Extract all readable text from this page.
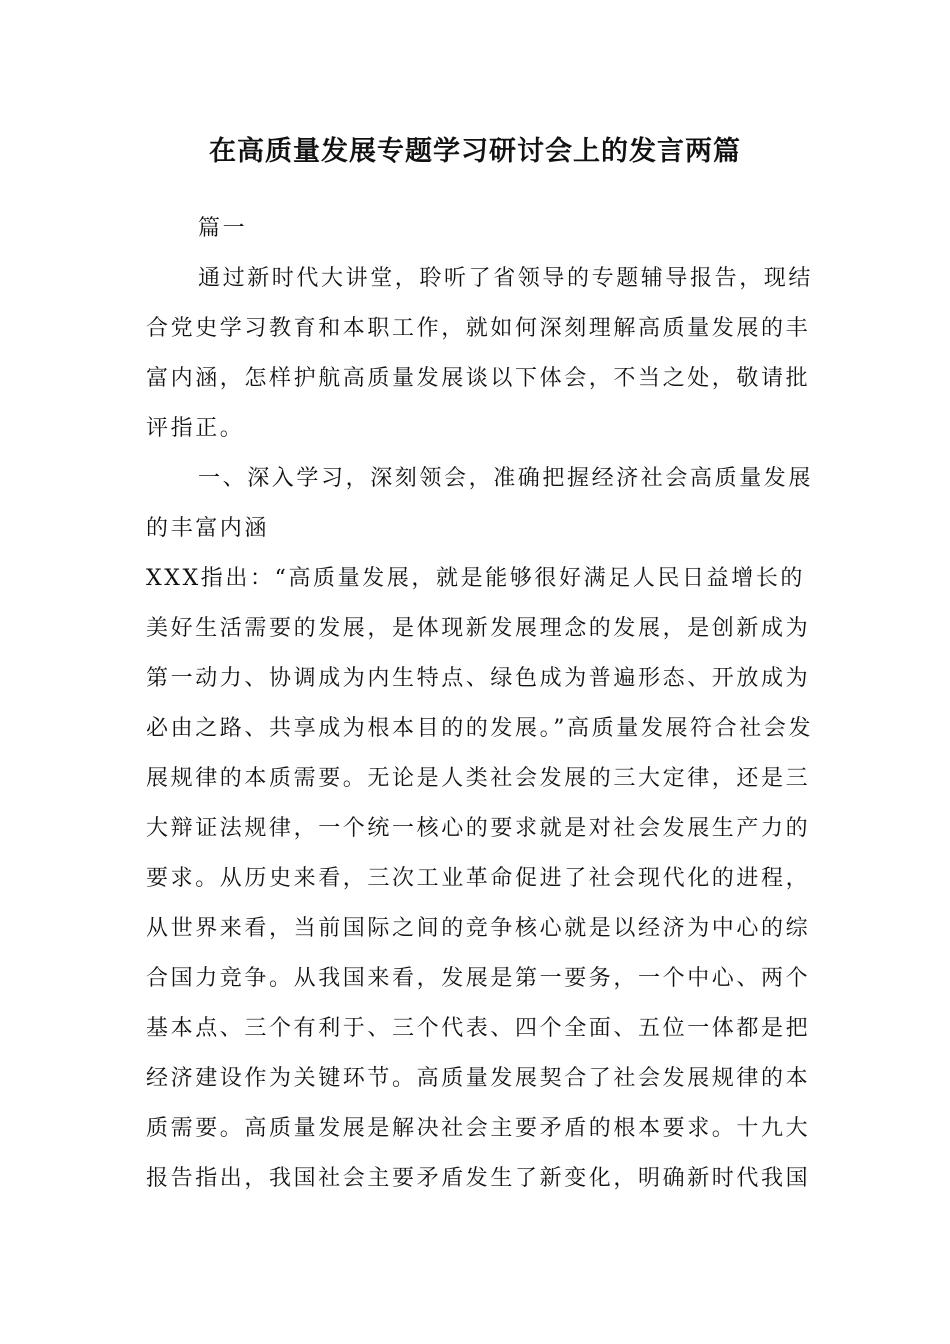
在高质量发展专题学习研讨会上的发言两篇

篇一

通过新时代大讲堂，聆听了省领导的专题辅导报告，现结合党史学习教育和本职工作，就如何深刻理解高质量发展的丰富内涵，怎样护航高质量发展谈以下体会，不当之处，敬请批评指正。

一、深入学习，深刻领会，准确把握经济社会高质量发展的丰富内涵

XXX指出：“高质量发展，就是能够很好满足人民日益增长的美好生活需要的发展，是体现新发展理念的发展，是创新成为第一动力、协调成为内生特点、绿色成为普遍形态、开放成为必由之路、共享成为根本目的的发展。”高质量发展符合社会发展规律的本质需要。无论是人类社会发展的三大定律，还是三大辩证法规律，一个统一核心的要求就是对社会发展生产力的要求。从历史来看，三次工业革命促进了社会现代化的进程，从世界来看，当前国际之间的竞争核心就是以经济为中心的综合国力竞争。从我国来看，发展是第一要务，一个中心、两个基本点、三个有利于、三个代表、四个全面、五位一体都是把经济建设作为关键环节。高质量发展契合了社会发展规律的本质需要。高质量发展是解决社会主要矛盾的根本要求。十九大报告指出，我国社会主要矛盾发生了新变化，明确新时代我国
